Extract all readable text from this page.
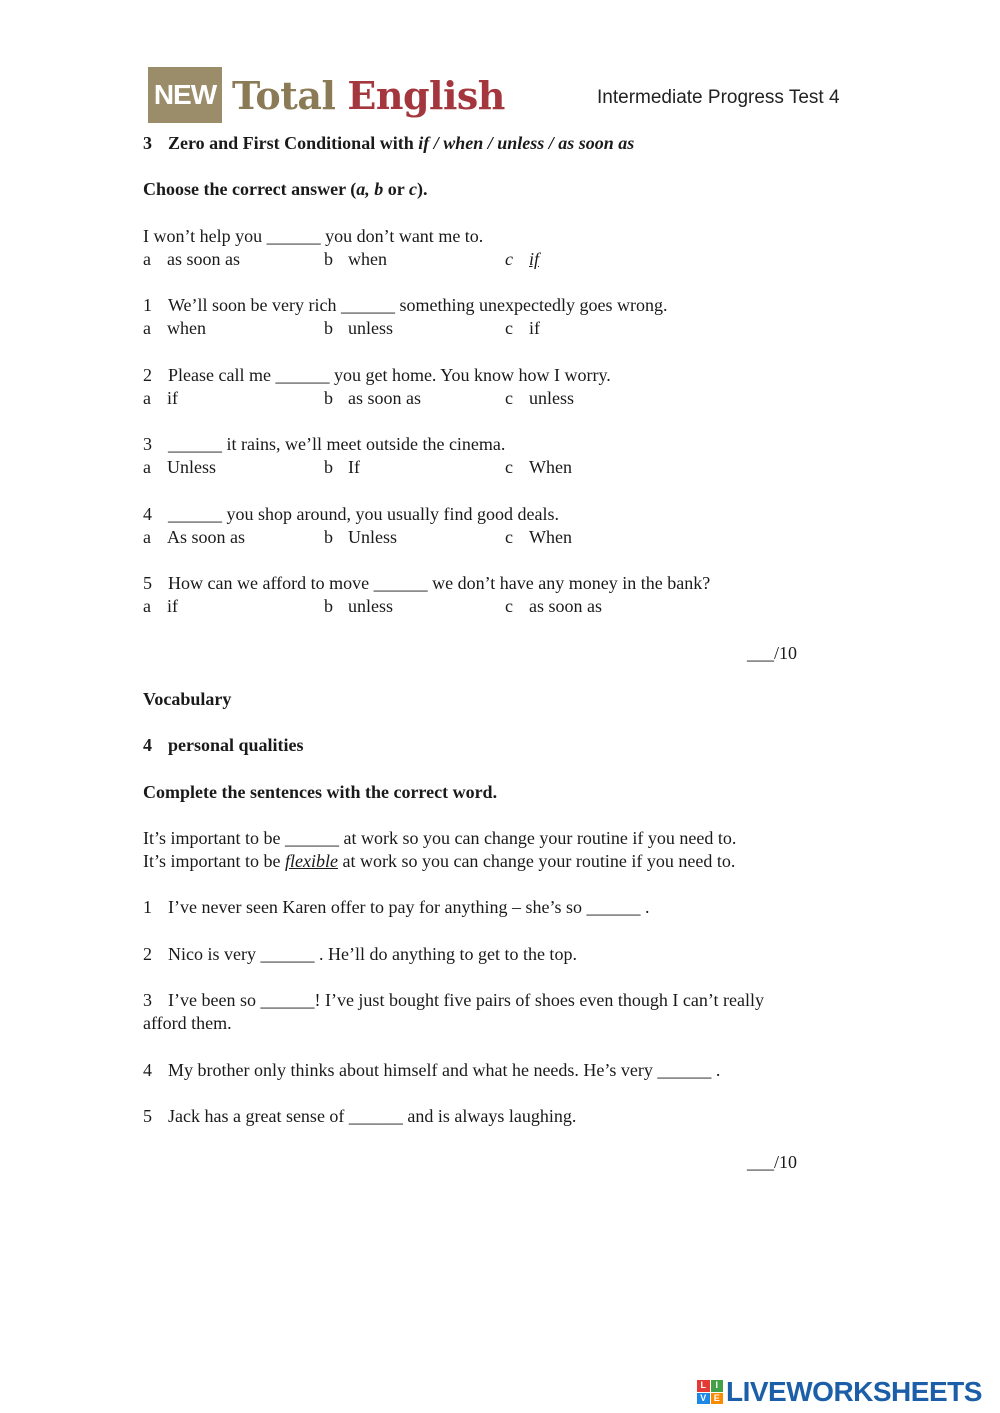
NEW Total English	Intermediate Progress Test 4
3 Zero and First Conditional with if / when / unless / as soon as
Choose the correct answer (a, b or c).
I won’t help you ______ you don’t want me to.
a as soon as	b when	c if
1 We’ll soon be very rich ______ something unexpectedly goes wrong.
a when	b unless	c if
2 Please call me ______ you get home. You know how I worry.
a if	b as soon as	c unless
3 ______ it rains, we’ll meet outside the cinema.
a Unless	b If	c When
4 ______ you shop around, you usually find good deals.
a As soon as	b Unless	c When
5 How can we afford to move ______ we don’t have any money in the bank?
a if	b unless	c as soon as
___/10
Vocabulary
4 personal qualities
Complete the sentences with the correct word.
It’s important to be ______ at work so you can change your routine if you need to.
It’s important to be flexible at work so you can change your routine if you need to.
1 I’ve never seen Karen offer to pay for anything – she’s so ______ .
2 Nico is very ______ . He’ll do anything to get to the top.
3 I’ve been so ______! I’ve just bought five pairs of shoes even though I can’t really
afford them.
4 My brother only thinks about himself and what he needs. He’s very ______ .
5 Jack has a great sense of ______ and is always laughing.
___/10
L	I
V E LIVEWORKSHEETS
